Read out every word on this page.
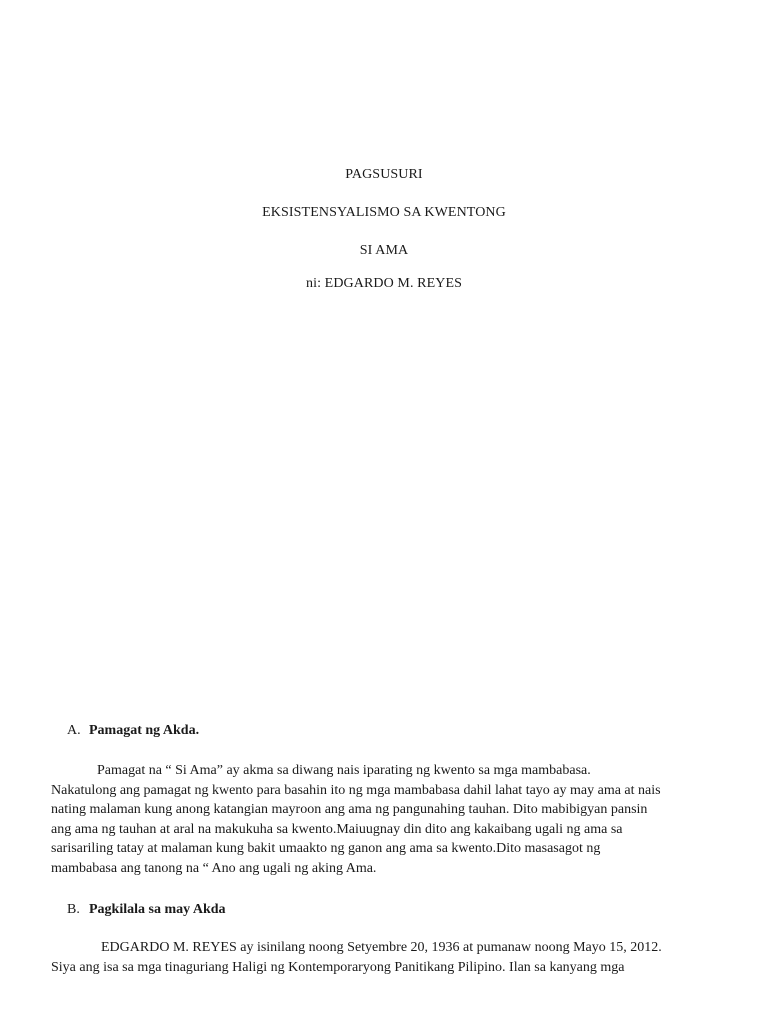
PAGSUSURI
EKSISTENSYALISMO SA KWENTONG
SI AMA
ni: EDGARDO M. REYES
A. Pamagat ng Akda.
Pamagat na “ Si Ama” ay akma sa diwang nais iparating ng kwento sa mga mambabasa.
Nakatulong ang pamagat ng kwento para basahin ito ng mga mambabasa dahil lahat tayo ay may ama at nais
nating malaman kung anong katangian mayroon ang ama ng pangunahing tauhan. Dito mabibigyan pansin
ang ama ng tauhan at aral na makukuha sa kwento.Maiuugnay din dito ang kakaibang ugali ng ama sa
sarisariling tatay at malaman kung bakit umaakto ng ganon ang ama sa kwento.Dito masasagot ng
mambabasa ang tanong na “ Ano ang ugali ng aking Ama.
B. Pagkilala sa may Akda
EDGARDO M. REYES ay isinilang noong Setyembre 20, 1936 at pumanaw noong Mayo 15, 2012.
Siya ang isa sa mga tinaguriang Haligi ng Kontemporaryong Panitikang Pilipino. Ilan sa kanyang mga
